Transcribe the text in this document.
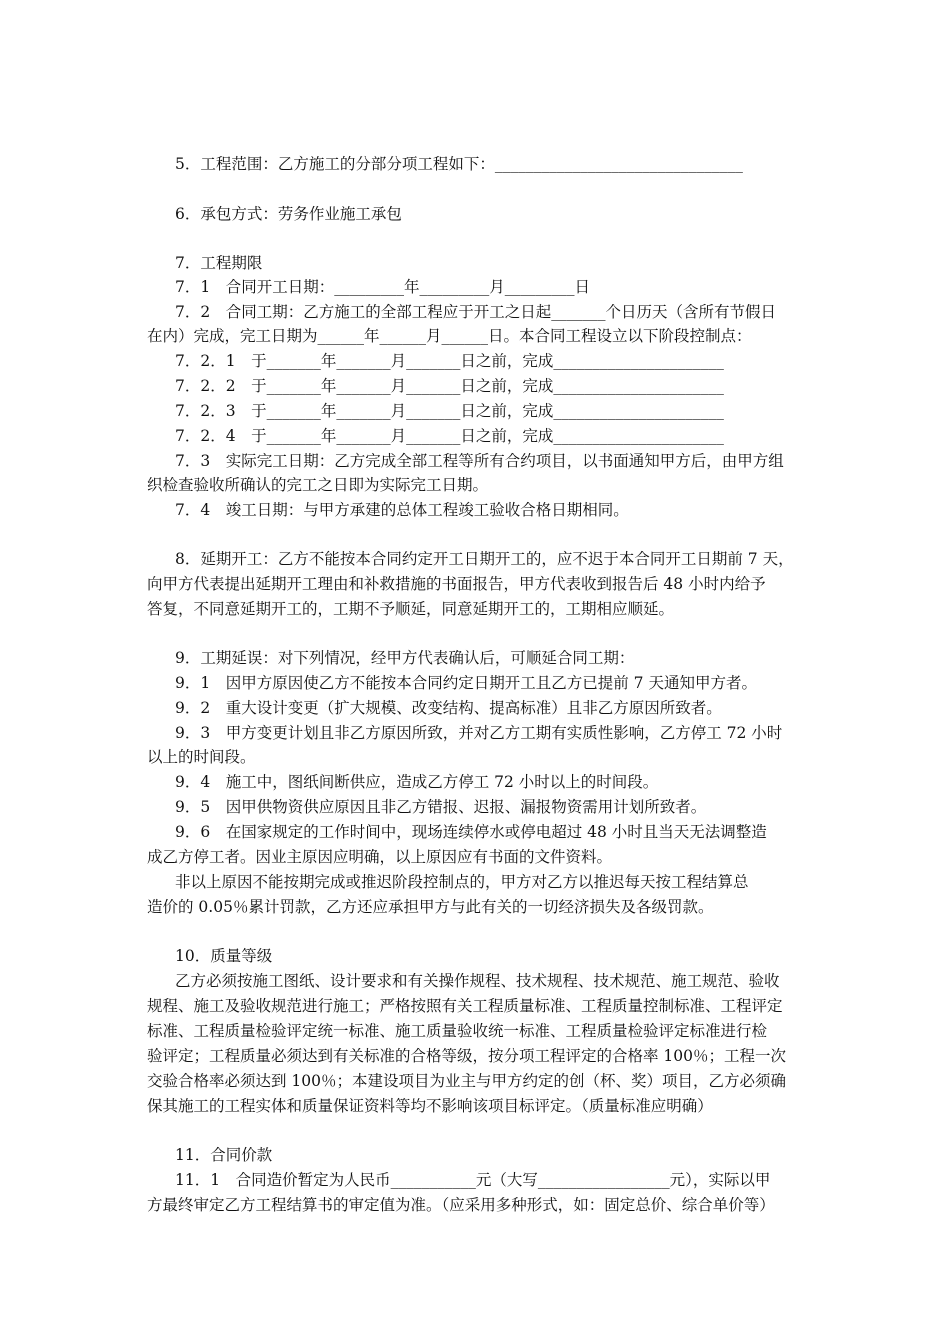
5．工程范围：乙方施工的分部分项工程如下：________________________________
6．承包方式：劳务作业施工承包
7．工程期限
7．1　合同开工日期：_________年_________月_________日
7．2　合同工期：乙方施工的全部工程应于开工之日起_______个日历天（含所有节假日
在内）完成，完工日期为______年______月______日。本合同工程设立以下阶段控制点：
7．2．1　于_______年_______月_______日之前，完成______________________
7．2．2　于_______年_______月_______日之前，完成______________________
7．2．3　于_______年_______月_______日之前，完成______________________
7．2．4　于_______年_______月_______日之前，完成______________________
7．3　实际完工日期：乙方完成全部工程等所有合约项目，以书面通知甲方后，由甲方组
织检查验收所确认的完工之日即为实际完工日期。
7．4　竣工日期：与甲方承建的总体工程竣工验收合格日期相同。
8．延期开工：乙方不能按本合同约定开工日期开工的，应不迟于本合同开工日期前 7 天，
向甲方代表提出延期开工理由和补救措施的书面报告，甲方代表收到报告后 48 小时内给予
答复，不同意延期开工的，工期不予顺延，同意延期开工的，工期相应顺延。
9．工期延误：对下列情况，经甲方代表确认后，可顺延合同工期：
9．1　因甲方原因使乙方不能按本合同约定日期开工且乙方已提前 7 天通知甲方者。
9．2　重大设计变更（扩大规模、改变结构、提高标准）且非乙方原因所致者。
9．3　甲方变更计划且非乙方原因所致，并对乙方工期有实质性影响，乙方停工 72 小时
以上的时间段。
9．4　施工中，图纸间断供应，造成乙方停工 72 小时以上的时间段。
9．5　因甲供物资供应原因且非乙方错报、迟报、漏报物资需用计划所致者。
9．6　在国家规定的工作时间中，现场连续停水或停电超过 48 小时且当天无法调整造
成乙方停工者。因业主原因应明确，以上原因应有书面的文件资料。
非以上原因不能按期完成或推迟阶段控制点的，甲方对乙方以推迟每天按工程结算总
造价的 0.05％累计罚款，乙方还应承担甲方与此有关的一切经济损失及各级罚款。
10．质量等级
乙方必须按施工图纸、设计要求和有关操作规程、技术规程、技术规范、施工规范、验收
规程、施工及验收规范进行施工；严格按照有关工程质量标准、工程质量控制标准、工程评定
标准、工程质量检验评定统一标准、施工质量验收统一标准、工程质量检验评定标准进行检
验评定；工程质量必须达到有关标准的合格等级，按分项工程评定的合格率 100％；工程一次
交验合格率必须达到 100％；本建设项目为业主与甲方约定的创（杯、奖）项目，乙方必须确
保其施工的工程实体和质量保证资料等均不影响该项目标评定。（质量标准应明确）
11．合同价款
11．1　合同造价暂定为人民币___________元（大写_________________元），实际以甲
方最终审定乙方工程结算书的审定值为准。（应采用多种形式，如：固定总价、综合单价等）
